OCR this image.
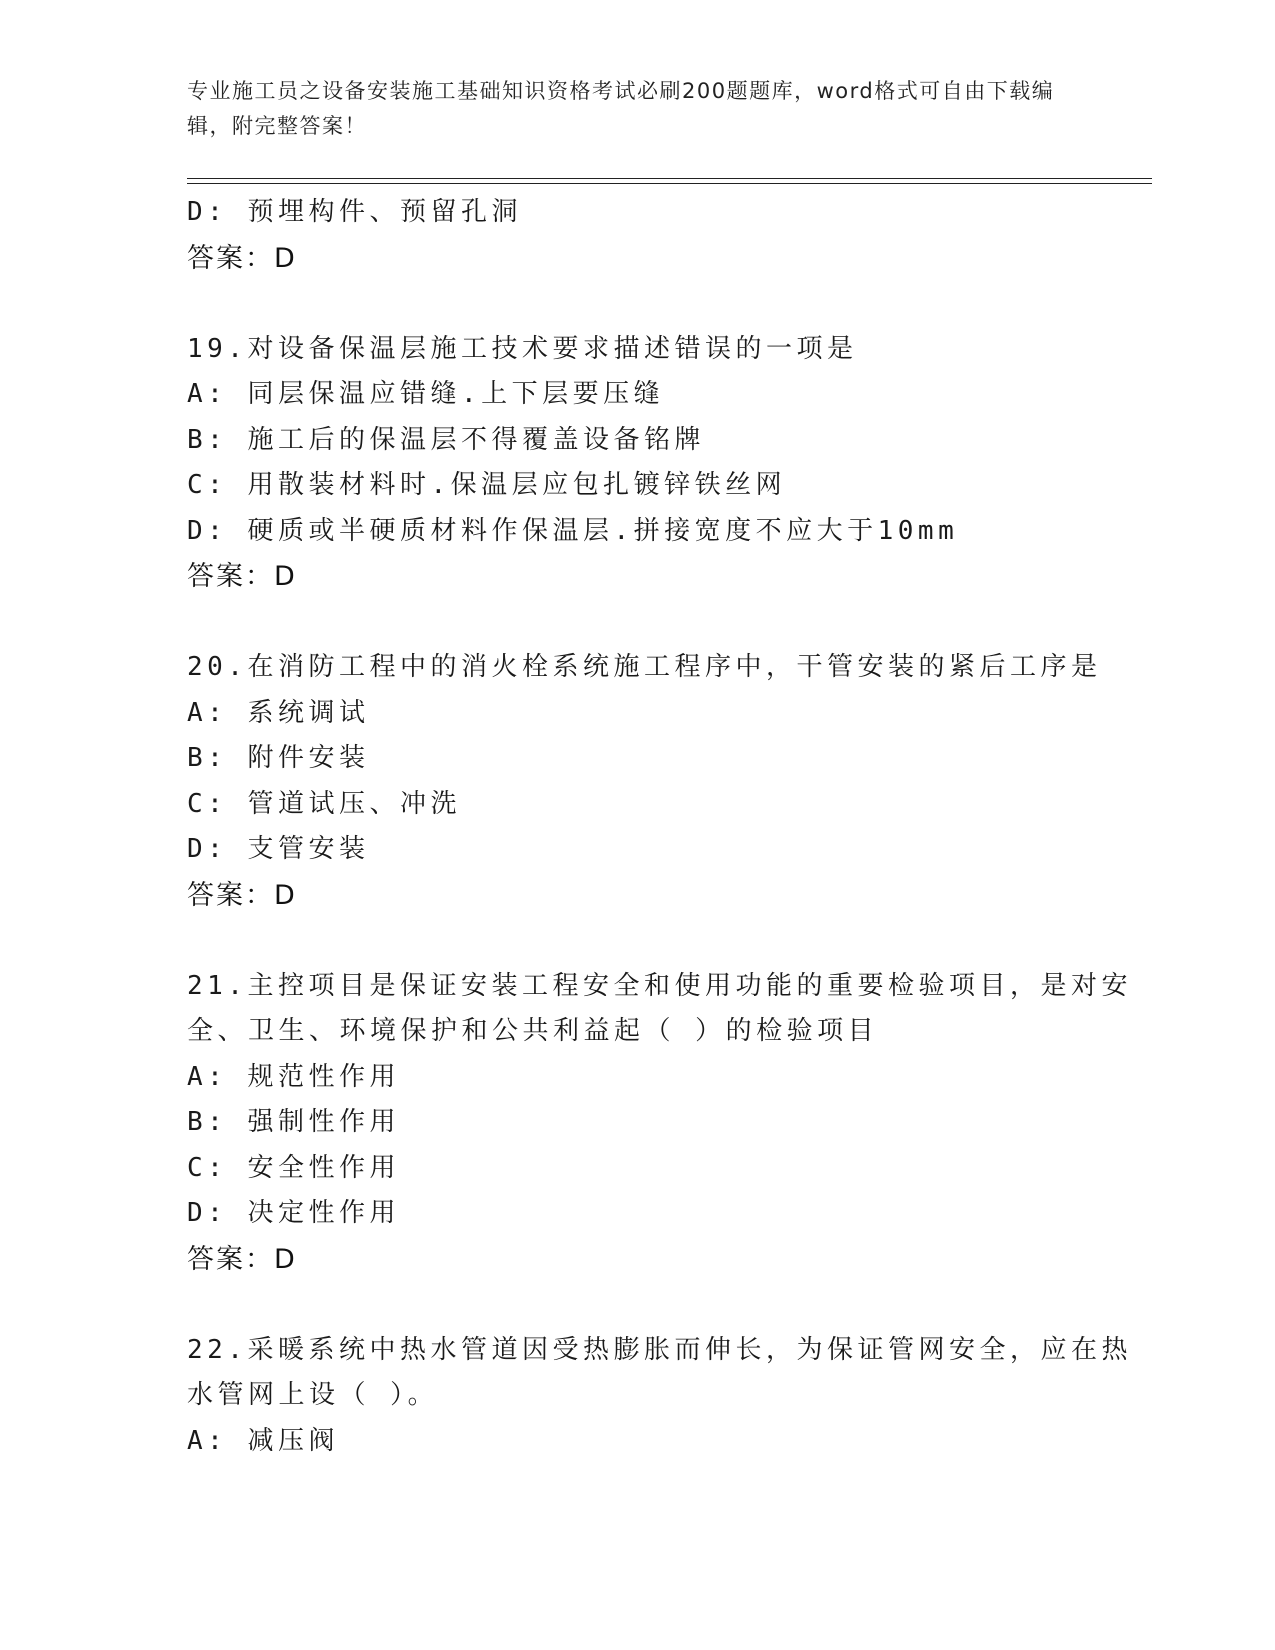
专业施工员之设备安装施工基础知识资格考试必刷200题题库，word格式可自由下载编辑，附完整答案！
D: 预埋构件、预留孔洞
答案：D
19.对设备保温层施工技术要求描述错误的一项是
A: 同层保温应错缝.上下层要压缝
B: 施工后的保温层不得覆盖设备铭牌
C: 用散装材料时.保温层应包扎镀锌铁丝网
D: 硬质或半硬质材料作保温层.拼接宽度不应大于10mm
答案：D
20.在消防工程中的消火栓系统施工程序中，干管安装的紧后工序是
A: 系统调试
B: 附件安装
C: 管道试压、冲洗
D: 支管安装
答案：D
21.主控项目是保证安装工程安全和使用功能的重要检验项目，是对安
全、卫生、环境保护和公共利益起（ ）的检验项目
A: 规范性作用
B: 强制性作用
C: 安全性作用
D: 决定性作用
答案：D
22.采暖系统中热水管道因受热膨胀而伸长，为保证管网安全，应在热
水管网上设（ ）。
A: 减压阀
